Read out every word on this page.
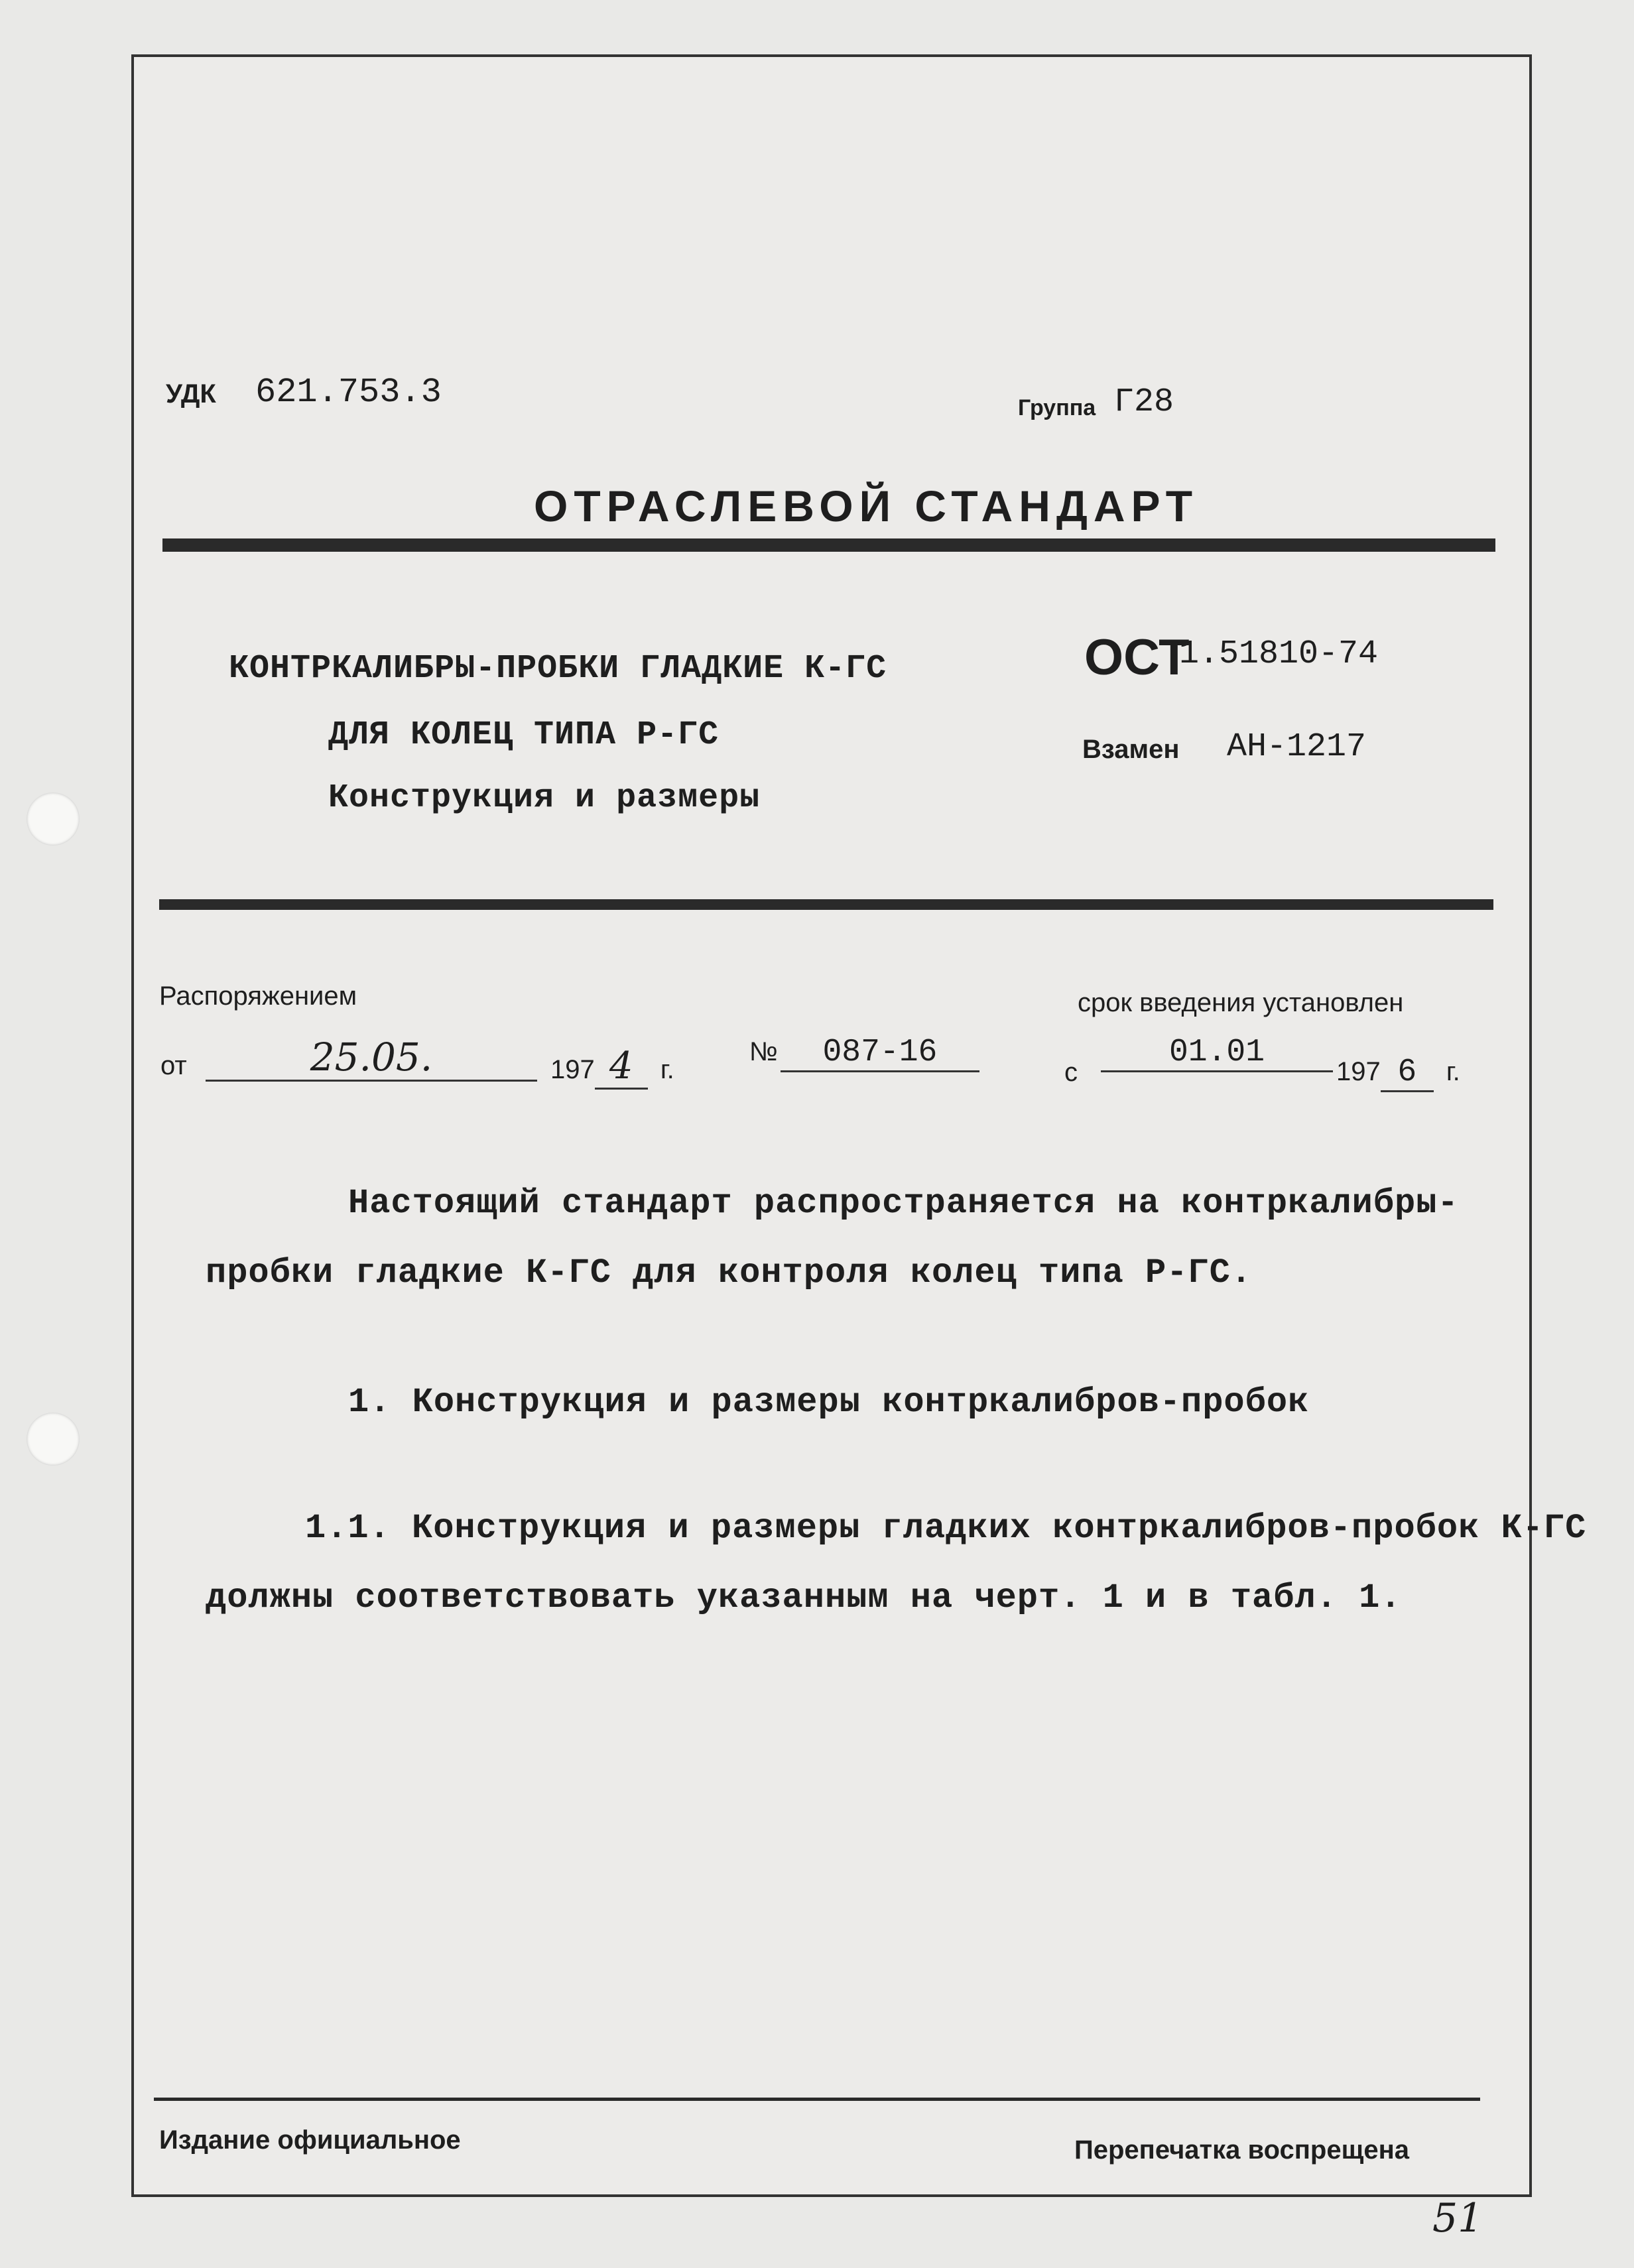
УДК 621.753.3	Группа Г28
ОТРАСЛЕВОЙ СТАНДАРТ
КОНТРКАЛИБРЫ-ПРОБКИ ГЛАДКИЕ К-ГС
ДЛЯ КОЛЕЦ ТИПА Р-ГС
Конструкция и размеры
ОСТ
1.51810-74
Взамен АН-1217
Распоряжением
от	25.05.	197 4 г.
№ 087-16
срок введения установлен
с
01.01
197 6 г.
Настоящий стандарт распространяется на контркалибры-
пробки гладкие К-ГС для контроля колец типа Р-ГС.
1. Конструкция и размеры контркалибров-пробок
1.1. Конструкция и размеры гладких контркалибров-пробок К-ГС
должны соответствовать указанным на черт. 1 и в табл. 1.
Издание официальное	Перепечатка воспрещена
51
